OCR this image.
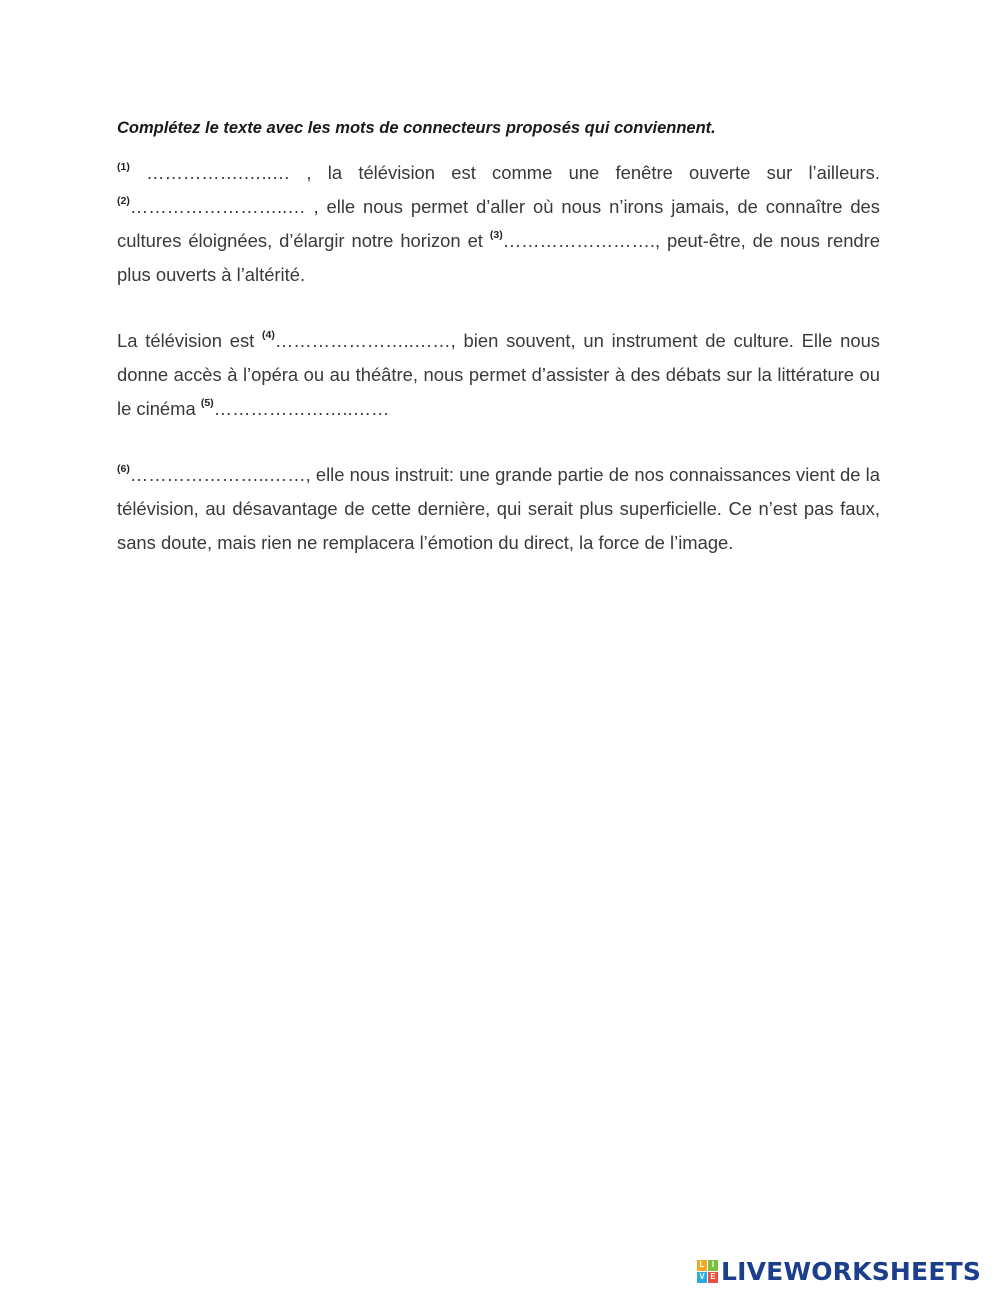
Complétez le texte avec les mots de connecteurs proposés qui conviennent.

$^{(1)}$ …………….…..… , la télévision est comme une fenêtre ouverte sur l’ailleurs. $^{(2)}$……………………..… , elle nous permet d’aller où nous n’irons jamais, de connaître des cultures éloignées, d’élargir notre horizon et $^{(3)}$……………………., peut-être, de nous rendre plus ouverts à l’altérité.

La télévision est $^{(4)}$…………………..……, bien souvent, un instrument de culture. Elle nous donne accès à l’opéra ou au théâtre, nous permet d’assister à des débats sur la littérature ou le cinéma $^{(5)}$…………………..……

$^{(6)}$…………………..……, elle nous instruit: une grande partie de nos connaissances vient de la télévision, au désavantage de cette dernière, qui serait plus superficielle. Ce n’est pas faux, sans doute, mais rien ne remplacera l’émotion du direct, la force de l’image.

L I
V E LIVEWORKSHEETS
